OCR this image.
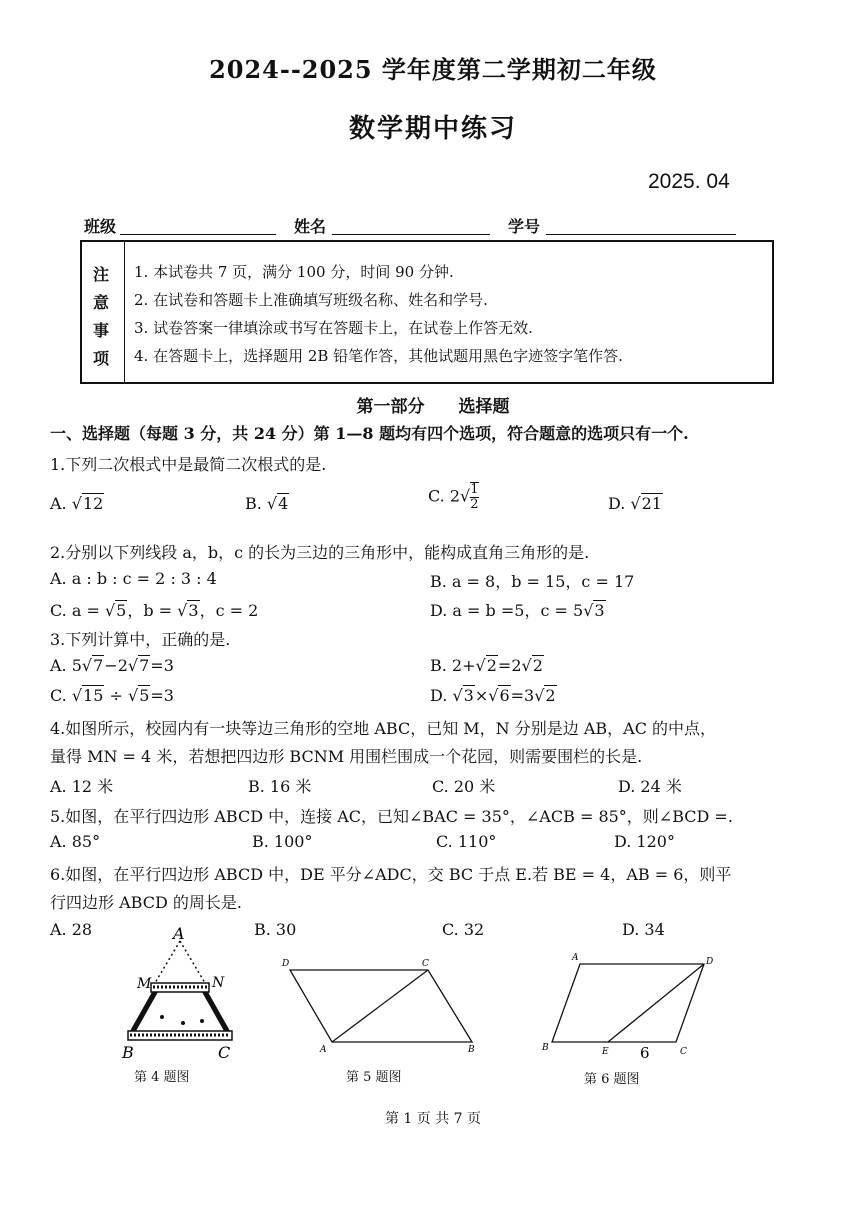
2024--2025 学年度第二学期初二年级
数学期中练习
2025. 04
班级	姓名	学号
注
意
事
项
1. 本试卷共 7 页，满分 100 分，时间 90 分钟.
2. 在试卷和答题卡上准确填写班级名称、姓名和学号.
3. 试卷答案一律填涂或书写在答题卡上，在试卷上作答无效.
4. 在答题卡上，选择题用 2B 铅笔作答，其他试题用黑色字迹签字笔作答.
第一部分　　选择题
一、选择题（每题 3 分，共 24 分）第 1—8 题均有四个选项，符合题意的选项只有一个.
1.下列二次根式中是最简二次根式的是.
A. √12	B. √4	C. $2√ \frac{1}{2}$	D. √21
2.分别以下列线段 a，b，c 的长为三边的三角形中，能构成直角三角形的是.
A. a : b : c = 2 : 3 : 4	B. a = 8，b = 15，c = 17
C. a = √5，b = √3，c = 2	D. a = b =5，c = 5√3
3.下列计算中，正确的是.
A. 5√7−2√7=3	B. 2+√2=2√2
C. √15 ÷ √5=3	D. √3×√6=3√2
4.如图所示，校园内有一块等边三角形的空地 ABC，已知 M，N 分别是边 AB，AC 的中点，
量得 MN = 4 米，若想把四边形 BCNM 用围栏围成一个花园，则需要围栏的长是.
A. 12 米	B. 16 米	C. 20 米	D. 24 米
5.如图，在平行四边形 ABCD 中，连接 AC，已知∠BAC = 35°，∠ACB = 85°，则∠BCD =.
A. 85°	B. 100°	C. 110°	D. 120°
6.如图，在平行四边形 ABCD 中，DE 平分∠ADC，交 BC 于点 E.若 BE = 4，AB = 6，则平
行四边形 ABCD 的周长是.
A. 28	B. 30	C. 32	D. 34
A
M	N
B	C
第 4 题图
D	C
A	B
第 5 题图
A	D
B	E	C
6
第 6 题图
第 1 页 共 7 页
